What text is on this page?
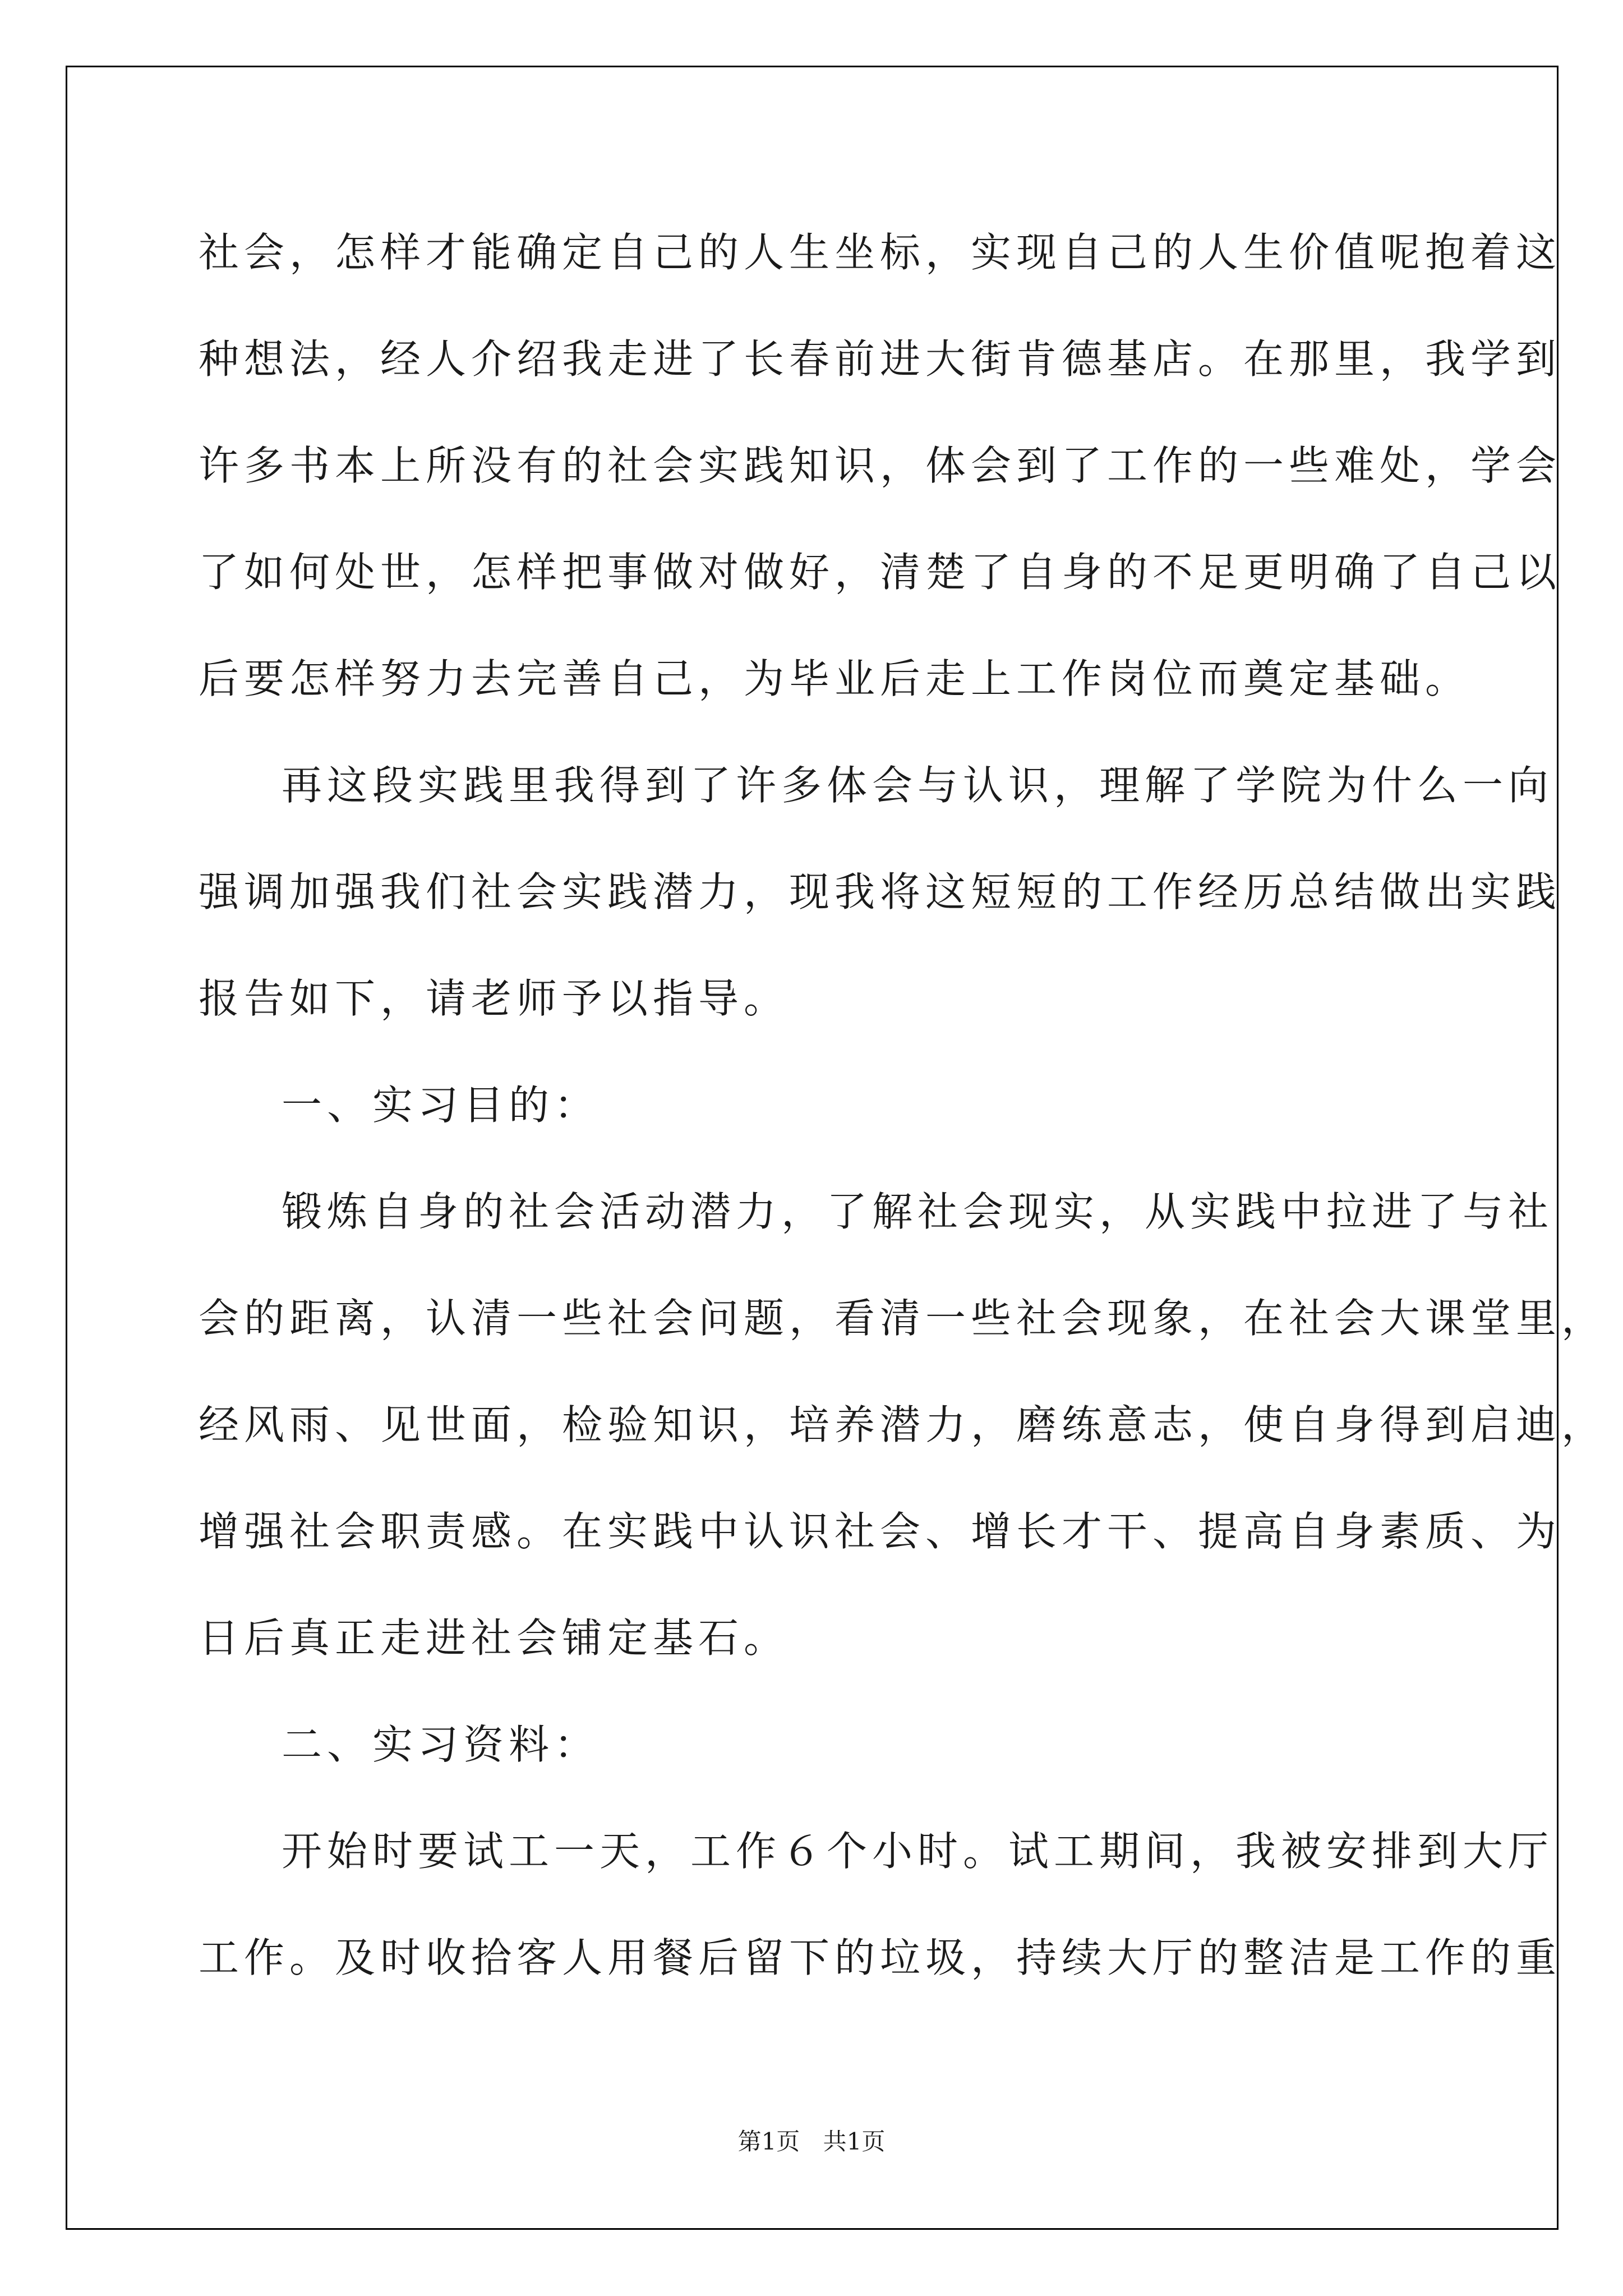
社会，怎样才能确定自己的人生坐标，实现自己的人生价值呢抱着这
种想法，经人介绍我走进了长春前进大街肯德基店。在那里，我学到
许多书本上所没有的社会实践知识，体会到了工作的一些难处，学会
了如何处世，怎样把事做对做好，清楚了自身的不足更明确了自己以
后要怎样努力去完善自己，为毕业后走上工作岗位而奠定基础。
再这段实践里我得到了许多体会与认识，理解了学院为什么一向
强调加强我们社会实践潜力，现我将这短短的工作经历总结做出实践
报告如下，请老师予以指导。
一、实习目的：
锻炼自身的社会活动潜力，了解社会现实，从实践中拉进了与社
会的距离，认清一些社会问题，看清一些社会现象，在社会大课堂里，
经风雨、见世面，检验知识，培养潜力，磨练意志，使自身得到启迪，
增强社会职责感。在实践中认识社会、增长才干、提高自身素质、为
日后真正走进社会铺定基石。
二、实习资料：
开始时要试工一天，工作６个小时。试工期间，我被安排到大厅
工作。及时收拾客人用餐后留下的垃圾，持续大厅的整洁是工作的重
第1页 共1页
